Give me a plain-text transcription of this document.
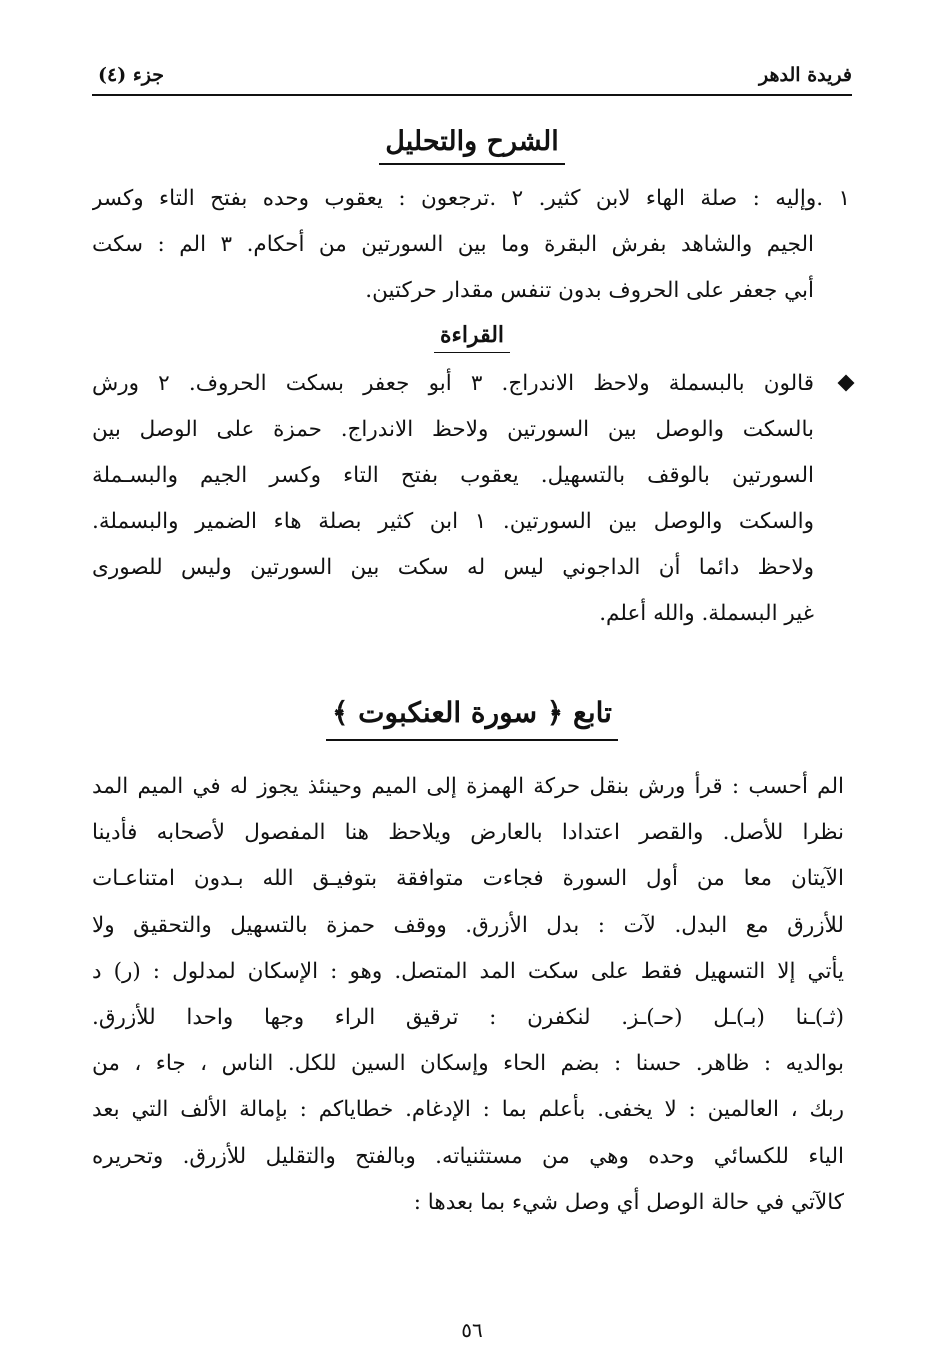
فريدة الدهر
جزء (٤)
الشرح والتحليل
١ .وإليه : صلة الهاء لابن كثير. ٢ .ترجعون : يعقوب وحده بفتح التاء وكسر
الجيم والشاهد بفرش البقرة وما بين السورتين من أحكام. ٣ الم : سكت
أبي جعفر على الحروف بدون تنفس مقدار حركتين.
القراءة
قالون بالبسملة ولاحظ الاندراج. ٣ أبو جعفر بسكت الحروف. ٢ ورش
بالسكت والوصل بين السورتين ولاحظ الاندراج. حمزة على الوصل بين
السورتين بالوقف بالتسهيل. يعقوب بفتح التاء وكسر الجيم والبسـملة
والسكت والوصل بين السورتين. ١ ابن كثير بصلة هاء الضمير والبسملة.
ولاحظ دائما أن الداجوني ليس له سكت بين السورتين وليس للصورى
غير البسملة. والله أعلم.
تابع ﴿ سورة العنكبوت ﴾
الم أحسب : قرأ ورش بنقل حركة الهمزة إلى الميم وحينئذ يجوز له في الميم المد
نظرا للأصل. والقصر اعتدادا بالعارض ويلاحظ هنا المفصول لأصحابه فأدينا
الآيتان معا من أول السورة فجاءت متوافقة بتوفيـق الله بـدون امتناعـات
للأزرق مع البدل. لآت : بدل الأزرق. ووقف حمزة بالتسهيل والتحقيق ولا
يأتي إلا التسهيل فقط على سكت المد المتصل. وهو : الإسكان لمدلول : (ر) د
(ثـ)ـنا (بـ)ـل (حـ)ـز. لنكفرن : ترقيق الراء وجها واحدا للأزرق.
بوالديه : ظاهر. حسنا : بضم الحاء وإسكان السين للكل. الناس ، جاء ، من
ربك ، العالمين : لا يخفى. بأعلم بما : الإدغام. خطاياكم : بإمالة الألف التي بعد
الياء للكسائي وحده وهي من مستثنياته. وبالفتح والتقليل للأزرق. وتحريره
كالآتي في حالة الوصل أي وصل شيء بما بعدها :
٥٦
